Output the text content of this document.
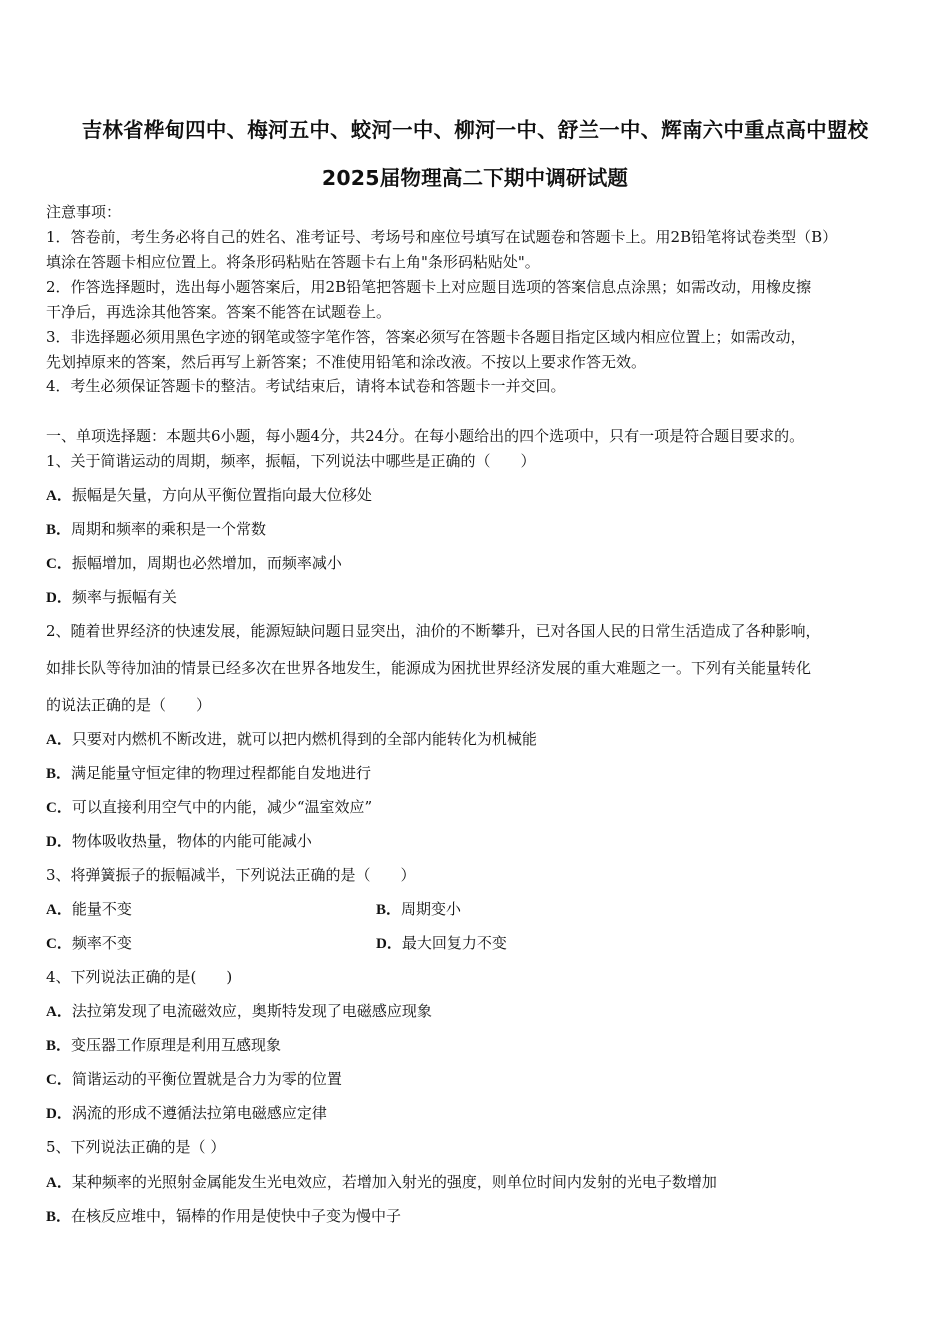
吉林省桦甸四中、梅河五中、蛟河一中、柳河一中、舒兰一中、辉南六中重点高中盟校
2025届物理高二下期中调研试题
注意事项：
1．答卷前，考生务必将自己的姓名、准考证号、考场号和座位号填写在试题卷和答题卡上。用2B铅笔将试卷类型（B）
填涂在答题卡相应位置上。将条形码粘贴在答题卡右上角"条形码粘贴处"。
2．作答选择题时，选出每小题答案后，用2B铅笔把答题卡上对应题目选项的答案信息点涂黑；如需改动，用橡皮擦
干净后，再选涂其他答案。答案不能答在试题卷上。
3．非选择题必须用黑色字迹的钢笔或签字笔作答，答案必须写在答题卡各题目指定区域内相应位置上；如需改动，
先划掉原来的答案，然后再写上新答案；不准使用铅笔和涂改液。不按以上要求作答无效。
4．考生必须保证答题卡的整洁。考试结束后，请将本试卷和答题卡一并交回。
一、单项选择题：本题共6小题，每小题4分，共24分。在每小题给出的四个选项中，只有一项是符合题目要求的。
1、关于简谐运动的周期，频率，振幅，下列说法中哪些是正确的（　　）
A．振幅是矢量，方向从平衡位置指向最大位移处
B．周期和频率的乘积是一个常数
C．振幅增加，周期也必然增加，而频率减小
D．频率与振幅有关
2、随着世界经济的快速发展，能源短缺问题日显突出，油价的不断攀升，已对各国人民的日常生活造成了各种影响，
如排长队等待加油的情景已经多次在世界各地发生，能源成为困扰世界经济发展的重大难题之一。下列有关能量转化
的说法正确的是（　　）
A．只要对内燃机不断改进，就可以把内燃机得到的全部内能转化为机械能
B．满足能量守恒定律的物理过程都能自发地进行
C．可以直接利用空气中的内能，减少“温室效应”
D．物体吸收热量，物体的内能可能减小
3、将弹簧振子的振幅减半，下列说法正确的是（　　）
A．能量不变	B．周期变小
C．频率不变	D．最大回复力不变
4、下列说法正确的是(　　)
A．法拉第发现了电流磁效应，奥斯特发现了电磁感应现象
B．变压器工作原理是利用互感现象
C．简谐运动的平衡位置就是合力为零的位置
D．涡流的形成不遵循法拉第电磁感应定律
5、下列说法正确的是（ ）
A．某种频率的光照射金属能发生光电效应，若增加入射光的强度，则单位时间内发射的光电子数增加
B．在核反应堆中，镉棒的作用是使快中子变为慢中子
